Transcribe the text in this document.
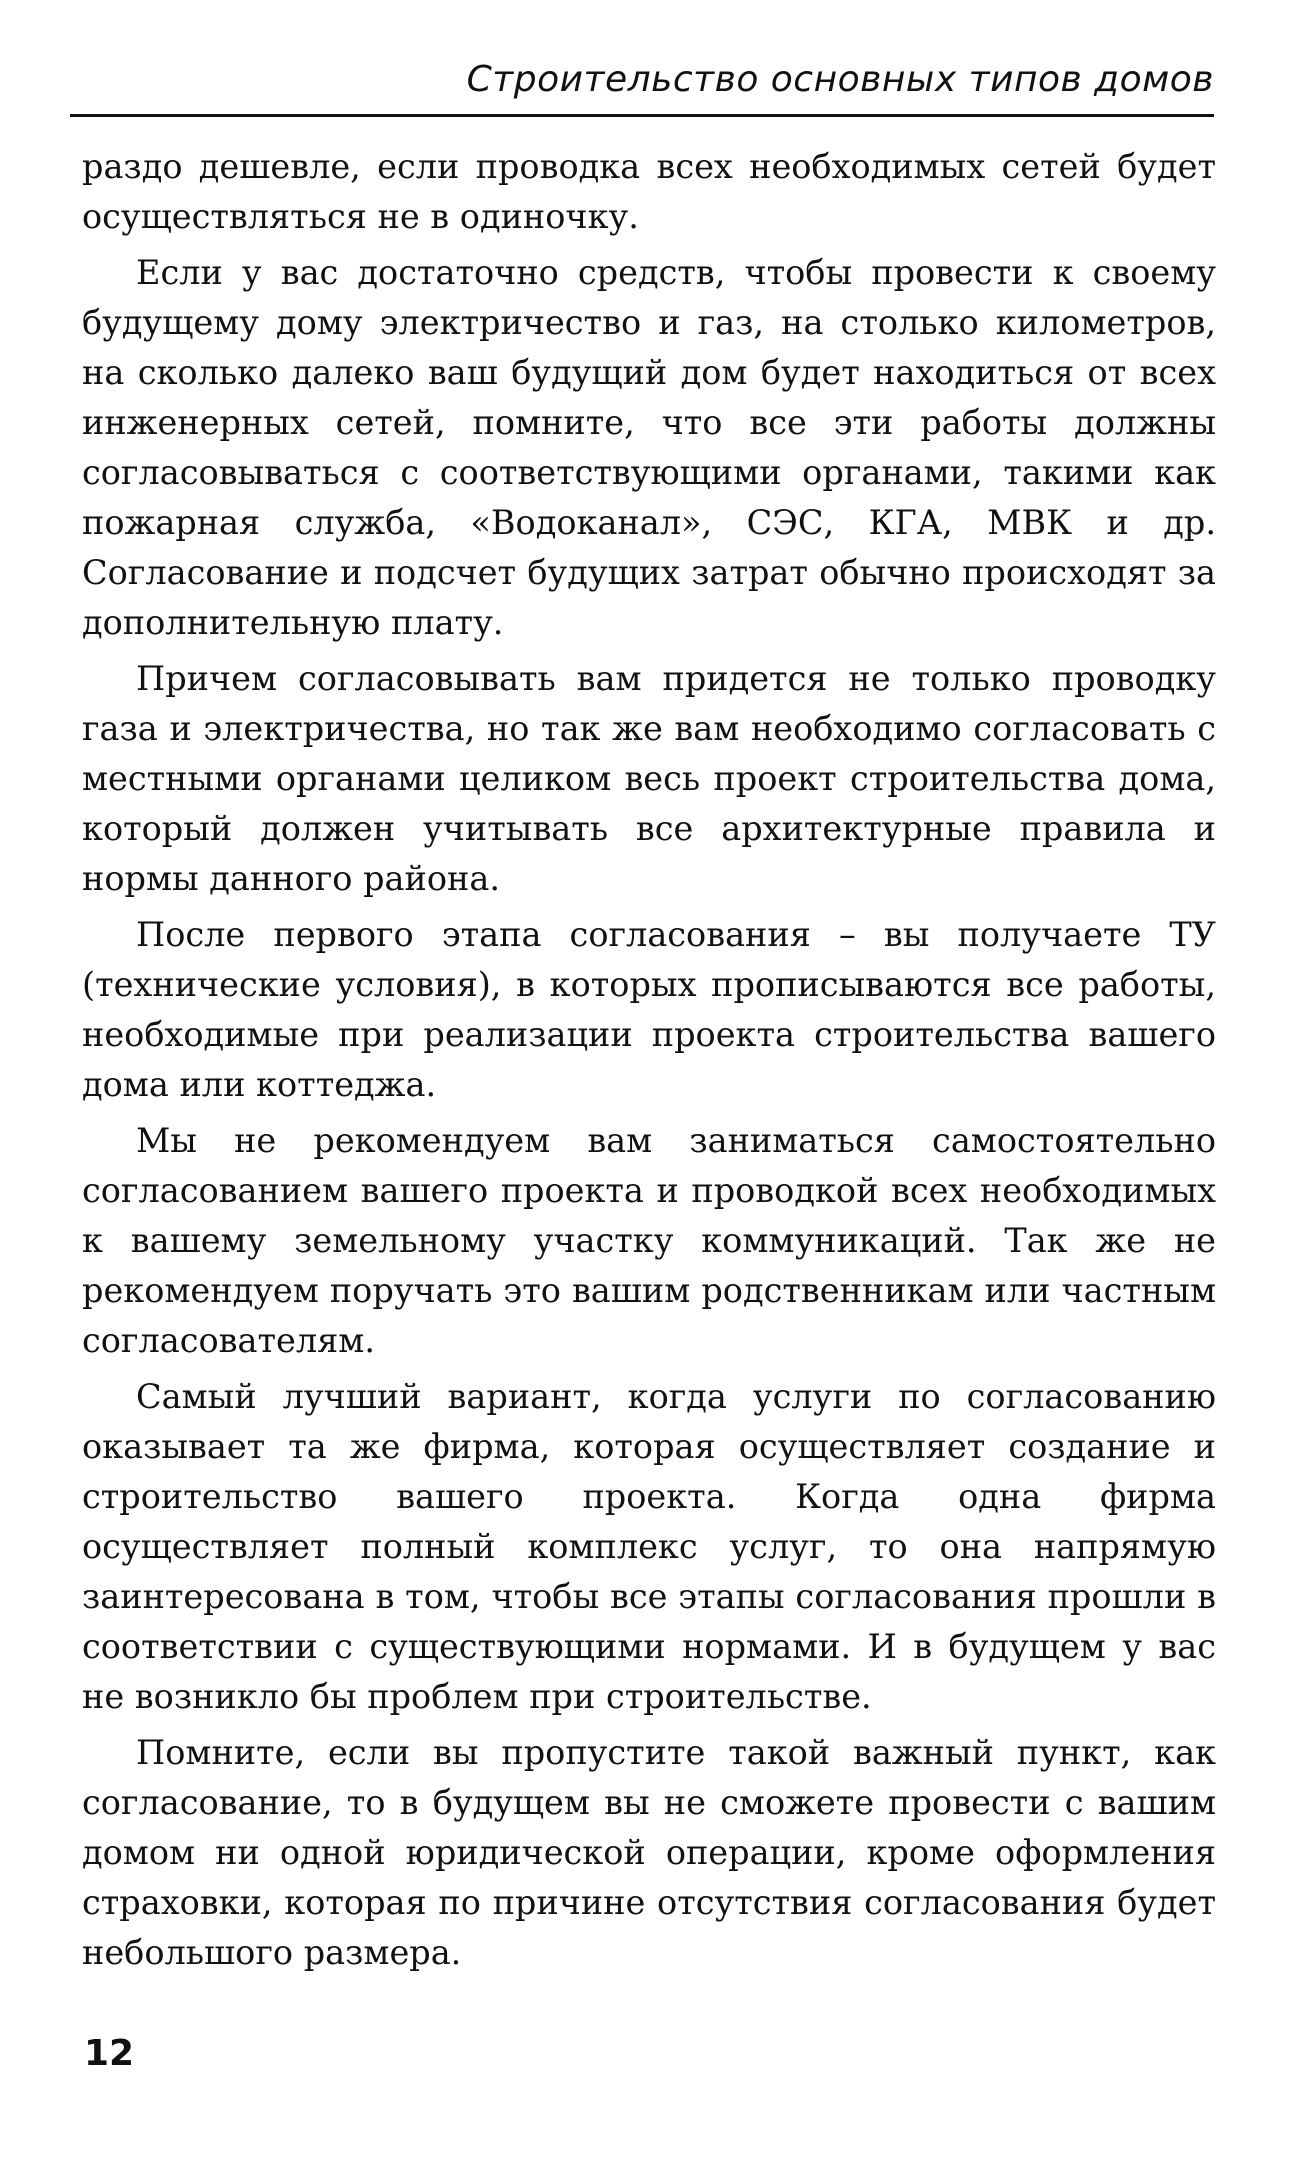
Строительство основных типов домов

раздо дешевле, если проводка всех необходимых сетей будет осуществляться не в одиночку.

Если у вас достаточно средств, чтобы провести к своему будущему дому электричество и газ, на столько километров, на сколько далеко ваш будущий дом будет находиться от всех инженерных сетей, помните, что все эти работы должны согласовываться с соответствующими органами, такими как пожарная служба, «Водоканал», СЭС, КГА, МВК и др. Согласование и подсчет будущих затрат обычно происходят за дополнительную плату.

Причем согласовывать вам придется не только проводку газа и электричества, но так же вам необходимо согласовать с местными органами целиком весь проект строительства дома, который должен учитывать все архитектурные правила и нормы данного района.

После первого этапа согласования – вы получаете ТУ (технические условия), в которых прописываются все работы, необходимые при реализации проекта строительства вашего дома или коттеджа.

Мы не рекомендуем вам заниматься самостоятельно согласованием вашего проекта и проводкой всех необходимых к вашему земельному участку коммуникаций. Так же не рекомендуем поручать это вашим родственникам или частным согласователям.

Самый лучший вариант, когда услуги по согласованию оказывает та же фирма, которая осуществляет создание и строительство вашего проекта. Когда одна фирма осуществляет полный комплекс услуг, то она напрямую заинтересована в том, чтобы все этапы согласования прошли в соответствии с существующими нормами. И в будущем у вас не возникло бы проблем при строительстве.

Помните, если вы пропустите такой важный пункт, как согласование, то в будущем вы не сможете провести с вашим домом ни одной юридической операции, кроме оформления страховки, которая по причине отсутствия согласования будет небольшого размера.

12
